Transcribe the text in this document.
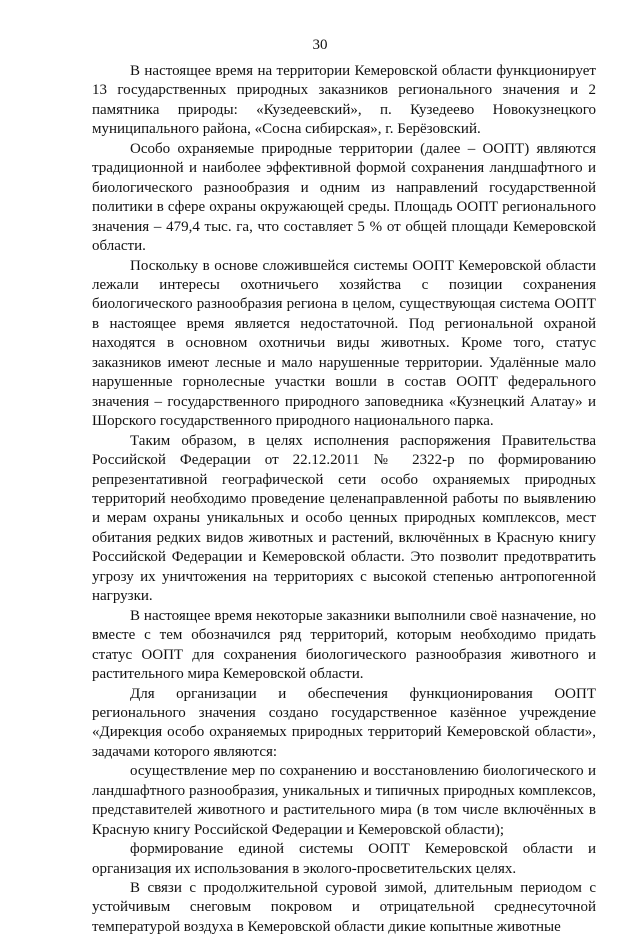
30

В настоящее время на территории Кемеровской области функционирует 13 государственных природных заказников регионального значения и 2 памятника природы: «Кузедеевский», п. Кузедеево Новокузнецкого муниципального района, «Сосна сибирская», г. Берёзовский.

Особо охраняемые природные территории (далее – ООПТ) являются традиционной и наиболее эффективной формой сохранения ландшафтного и биологического разнообразия и одним из направлений государственной политики в сфере охраны окружающей среды. Площадь ООПТ регионального значения – 479,4 тыс. га, что составляет 5 % от общей площади Кемеровской области.

Поскольку в основе сложившейся системы ООПТ Кемеровской области лежали интересы охотничьего хозяйства с позиции сохранения биологического разнообразия региона в целом, существующая система ООПТ в настоящее время является недостаточной. Под региональной охраной находятся в основном охотничьи виды животных. Кроме того, статус заказников имеют лесные и мало нарушенные территории. Удалённые мало нарушенные горнолесные участки вошли в состав ООПТ федерального значения – государственного природного заповедника «Кузнецкий Алатау» и Шорского государственного природного национального парка.

Таким образом, в целях исполнения распоряжения Правительства Российской Федерации от 22.12.2011 № 2322-р по формированию репрезентативной географической сети особо охраняемых природных территорий необходимо проведение целенаправленной работы по выявлению и мерам охраны уникальных и особо ценных природных комплексов, мест обитания редких видов животных и растений, включённых в Красную книгу Российской Федерации и Кемеровской области. Это позволит предотвратить угрозу их уничтожения на территориях с высокой степенью антропогенной нагрузки.

В настоящее время некоторые заказники выполнили своё назначение, но вместе с тем обозначился ряд территорий, которым необходимо придать статус ООПТ для сохранения биологического разнообразия животного и растительного мира Кемеровской области.

Для организации и обеспечения функционирования ООПТ регионального значения создано государственное казённое учреждение «Дирекция особо охраняемых природных территорий Кемеровской области», задачами которого являются:

осуществление мер по сохранению и восстановлению биологического и ландшафтного разнообразия, уникальных и типичных природных комплексов, представителей животного и растительного мира (в том числе включённых в Красную книгу Российской Федерации и Кемеровской области);

формирование единой системы ООПТ Кемеровской области и организация их использования в эколого-просветительских целях.

В связи с продолжительной суровой зимой, длительным периодом с устойчивым снеговым покровом и отрицательной среднесуточной температурой воздуха в Кемеровской области дикие копытные животные
